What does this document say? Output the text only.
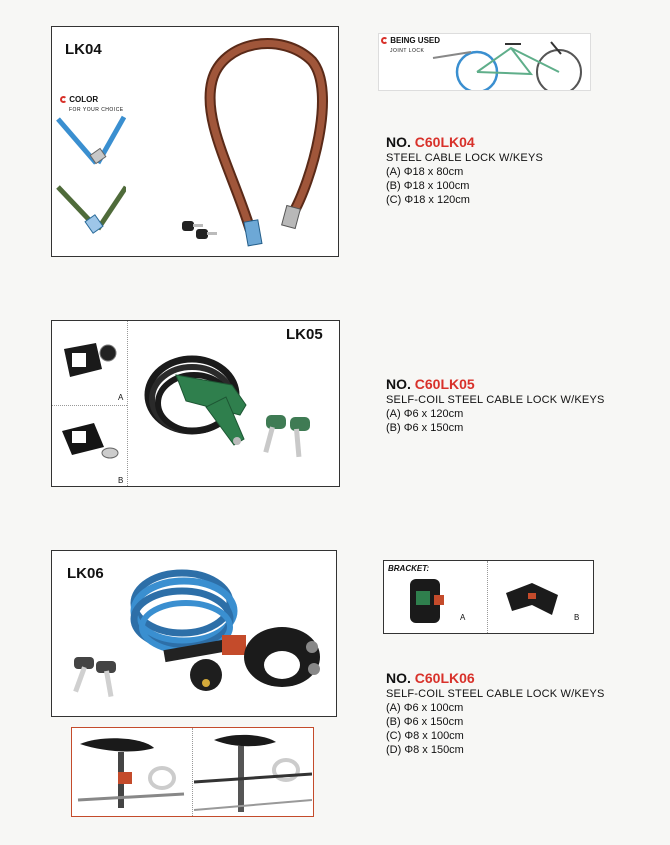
LK04
COLOR
FOR YOUR CHOICE
BEING USED
JOINT LOCK
NO. C60LK04
STEEL CABLE LOCK W/KEYS
(A) Φ18 x 80cm
(B) Φ18 x 100cm
(C) Φ18 x 120cm
A
B
LK05
NO. C60LK05
SELF-COIL STEEL CABLE LOCK W/KEYS
(A) Φ6 x 120cm
(B) Φ6 x 150cm
LK06	BRACKET:
A	B
NO. C60LK06
SELF-COIL STEEL CABLE LOCK W/KEYS
(A) Φ6 x 100cm
(B) Φ6 x 150cm
(C) Φ8 x 100cm
(D) Φ8 x 150cm
